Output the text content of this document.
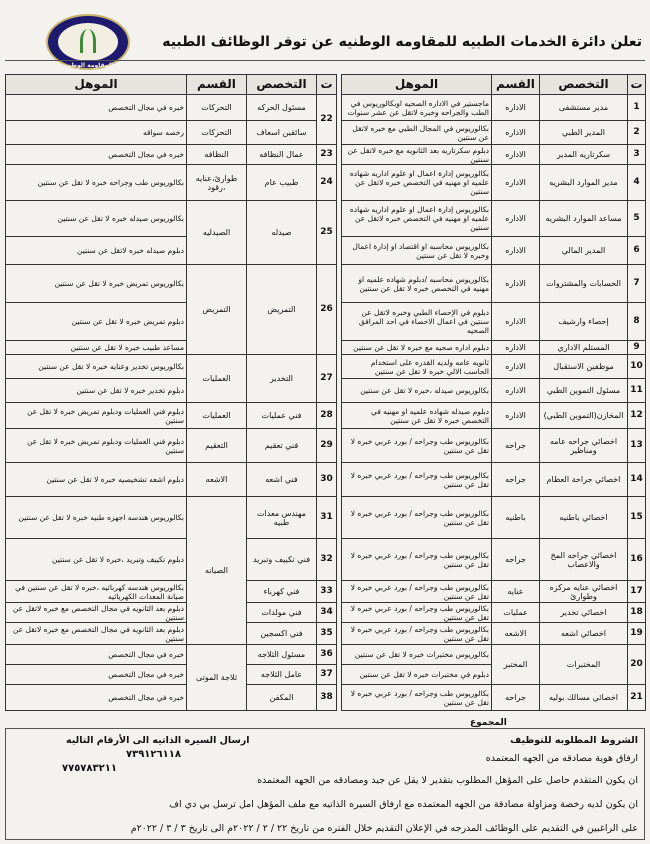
المقاومة الوطنية
تعلن دائرة الخدمات الطبيه للمقاومه الوطنيه عن توفر الوظائف الطبيه
ت	التخصص	القسم	الموهل
1	مدير مستشفى	الاداره	ماجستير في الاداره الصحيه اوبكالوريوس في الطب والجراحه وخبره لاتقل عن عشر سنوات
2	المدير الطبي	الاداره	بكالوريوس في المجال الطبي مع خبره لاتقل عن سنتين
3	سكرتاريه المدير	الاداره	دبلوم سكرتاريه بعد الثانويه مع خبره لاتقل عن سنتين
4	مدير الموارد البشريه	الاداره	بكالوريوس إدارة اعمال او علوم اداريه شهاده علميه او مهنيه في التخصص خبره لاتقل عن سنتين
5	مساعد الموارد البشريه	الاداره	بكالوريوس إدارة اعمال او علوم اداريه شهاده علميه او مهنيه في التخصص خبره لاتقل عن سنتين
6	المدير المالي	الاداره	بكالوريوس محاسبه او اقتصاد او إدارة اعمال وخبره لا تقل عن سنتين
7	الحسابات والمشتروات	الاداره	بكالوريوس محاسبه /دبلوم شهاده علميه او مهنيه في التخصص خبره لا تقل عن سنتين
8	إحصاء وارشيف	الاداره	دبلوم في الإحصاء الطبي وخبره لاتقل عن سنتين في اعمال الاحصاء في احد المرافق الصحيه
9	المستلم الاداري	الاداره	دبلوم اداره صحيه مع خبره لا تقل عن سنتين
10	موظفين الاستقبال	الاداره	ثانويه عامه ولديه القدره على استخدام الحاسب الالي خبره لا تقل عن سنتين
11	مسئول التموين الطبي	الاداره	بكالوريوس صيدله ،خبره لا تقل عن سنتين
12	المخازن(التموين الطبي)	الاداره	دبلوم صيدله شهاده علميه او مهنيه في التخصص خبره لا تقل عن سنتين
13	اخصائي جراحه عامه ومناظير	جراحه	بكالوريوس طب وجراحه / بورد عربي خبره لا تقل عن سنتين
14	اخصائي جراحة العظام	جراحه	بكالوريوس طب وجراحه / بورد عربي خبره لا تقل عن سنتين
15	اخصائي باطنيه	باطنيه	بكالوريوس طب وجراحه / بورد عربي خبره لا تقل عن سنتين
16	اخصائي جراحه المخ والاعصاب	جراحه	بكالوريوس طب وجراحه / بورد عربي خبره لا تقل عن سنتين
17	اخصائي عنايه مركزه وطوارئ	عنايه	بكالوريوس طب وجراحه / بورد عربي خبره لا تقل عن سنتين
18	اخصائي تخدير	عمليات	بكالوريوس طب وجراحه / بورد عربي خبره لا تقل عن سنتين
19	اخصائي اشعه	الاشعه	بكالوريوس طب وجراحه / بورد عربي خبره لا تقل عن سنتين
20	المختبرات	المختبر	بكالوريوس مختبرات خبره لا تقل عن سنتين
			دبلوم في مختبرات خبره لا تقل عن سنتين
21	اخصائي مسالك بوليه	جراحه	بكالوريوس طب وجراحه / بورد عربي خبره لا تقل عن سنتين
ت	التخصص	القسم	الموهل
22	مسئول الحركه	التحركات	خبره في مجال التخصص
	سائقين اسعاف	التحركات	رخصه سواقه
23	عمال النظافه	النظافه	خبره في مجال التخصص
24	طبيب عام	طوارئ،عنايه ،رقود	بكالوريوس طب وجراحه خبره لا تقل عن سنتين
25	صيدله	الصيدليه	بكالوريوس صيدله خبره لا تقل عن سنتين
			دبلوم صيدله خبره لاتقل عن سنتين
26	التمريض	التمريض	بكالوريوس تمريض خبره لا تقل عن سنتين
			دبلوم تمريض خبره لا تقل عن سنتين
			مساعد طبيب خبره لا تقل عن سنتين
27	التخدير	العمليات	بكالوريوس تخدير وعنايه خبره لا تقل عن سنتين
			دبلوم تخدير خبره لا تقل عن سنتين
28	فني عمليات	العمليات	دبلوم فني العمليات ودبلوم تمريض خبره لا تقل عن سنتين
29	فني تعقيم	التعقيم	دبلوم فني العمليات ودبلوم تمريض خبره لا تقل عن سنتين
30	فني اشعه	الاشعه	دبلوم اشعه تشخيصيه خبره لا تقل عن سنتين
31	مهندس معدات طبيه	الصيانه	بكالوريوس هندسه اجهزه طبيه خبره لا تقل عن سنتين
32	فني تكييف وتبريد		دبلوم تكييف وتبريد ،خبره لا تقل عن سنتين
33	فني كهرباء		بكالوريوس هندسه كهربائيه ،خبره لا تقل عن سنتين في صيانة المعدات الكهربائيه
34	فني مولدات		دبلوم بعد الثانويه في مجال التخصص مع خبره لاتقل عن سنتين
35	فني اكسجين		دبلوم بعد الثانويه في مجال التخصص مع خبره لاتقل عن سنتين
36	مسئول الثلاجه	ثلاجة الموتى	خبره في مجال التخصص
37	عامل الثلاجه		خبره في مجال التخصص
38	المكفن		خبره في مجال التخصص
المجموع
الشروط المطلوبه للتوظيف
ارسال السيره الذاتيه الى الأرقام التاليه
ارفاق هوية مصادقه من الجهه المعتمده
٧٣٩١٢٦١١٨
٧٧٥٧٨٣٢١١
ان يكون المتقدم حاصل على المؤهل المطلوب بتقدير لا يقل عن جيد ومصادقه من الجهه المعتمده
ان يكون لديه رخصة ومزاولة مصادقة من الجهه المعتمده مع ارفاق السيره الذاتيه مع ملف المؤهل امل ترسل بي دي اف
على الراغبين في التقديم على الوظائف المدرجه في الإعلان التقديم خلال الفتره من تاريخ ٢٢ / ٢ / ٢٠٢٢م الى تاريخ ٣ / ٣ / ٢٠٢٢م
